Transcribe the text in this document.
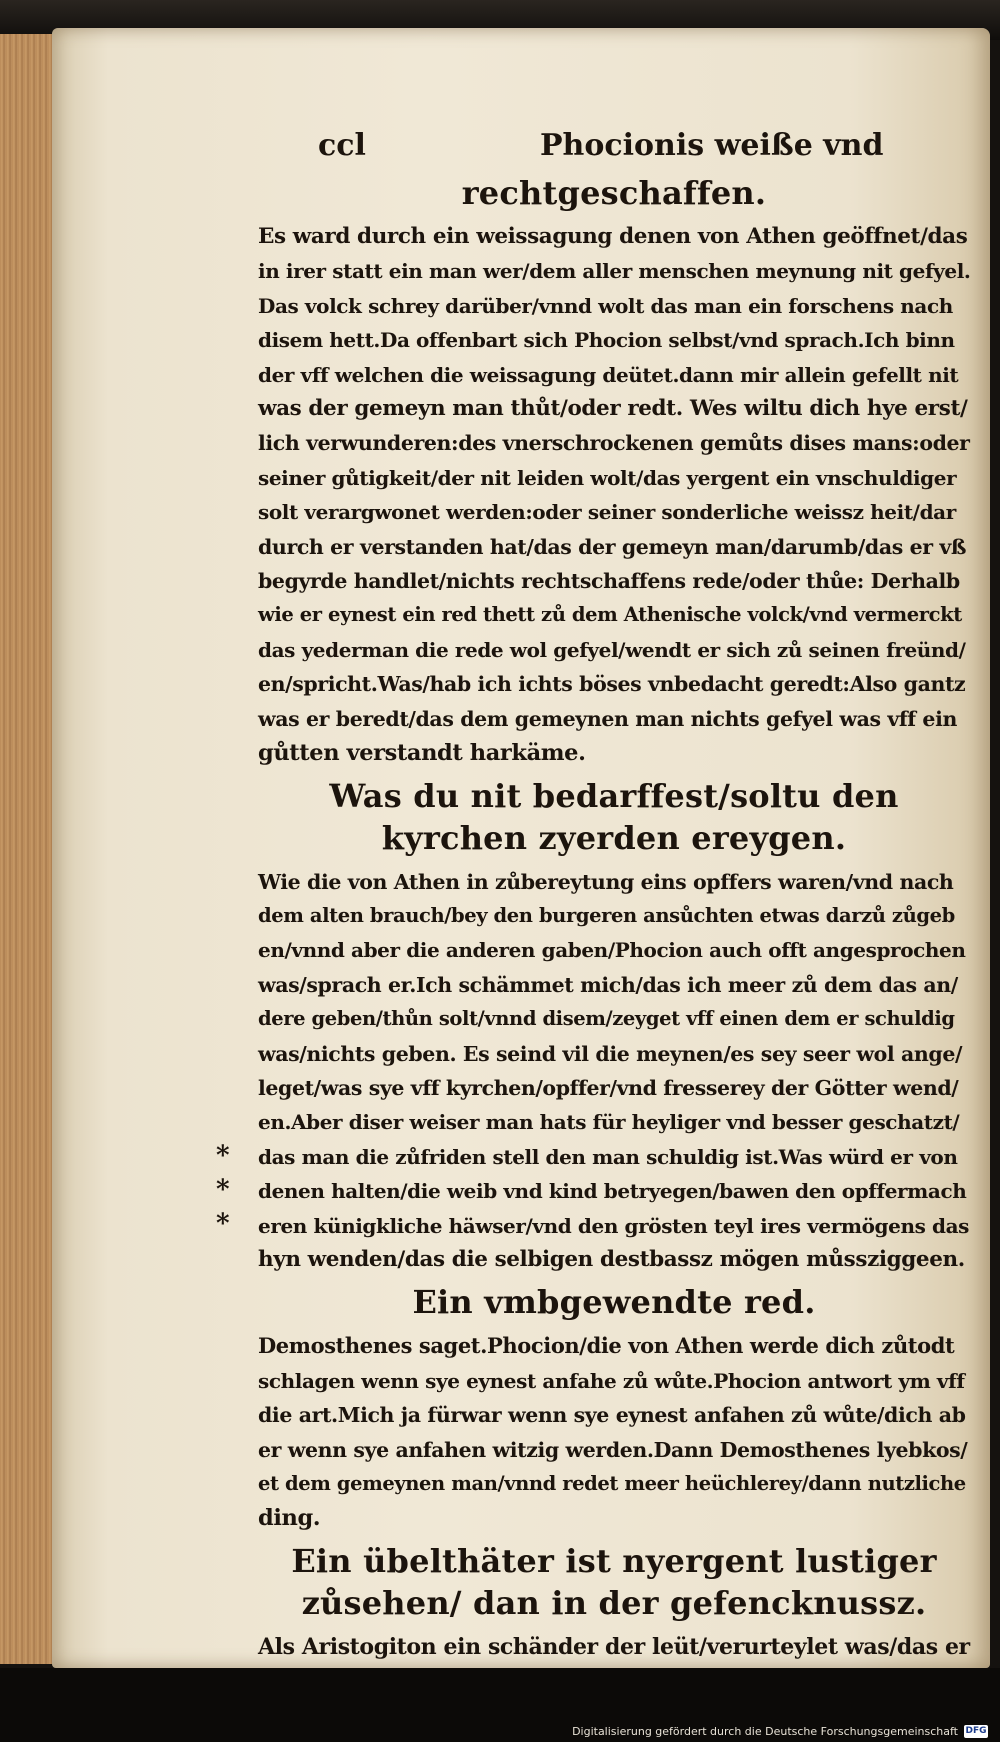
ccl	Phocionis weiße vnd
rechtgeschaffen.

Es ward durch ein weissagung denen von Athen geöffnet/das

in irer statt ein man wer/dem aller menschen meynung nit gefyel.

Das volck schrey darüber/vnnd wolt das man ein forschens nach

disem hett.Da offenbart sich Phocion selbst/vnd sprach.Ich binn

der vff welchen die weissagung deütet.dann mir allein gefellt nit

was der gemeyn man thůt/oder redt. Wes wiltu dich hye erst/

lich verwunderen:des vnerschrockenen gemůts dises mans:oder

seiner gůtigkeit/der nit leiden wolt/das yergent ein vnschuldiger

solt verargwonet werden:oder seiner sonderliche weissz heit/dar

durch er verstanden hat/das der gemeyn man/darumb/das er vß

begyrde handlet/nichts rechtschaffens rede/oder thůe: Derhalb

wie er eynest ein red thett zů dem Athenische volck/vnd vermerckt

das yederman die rede wol gefyel/wendt er sich zů seinen freünd/

en/spricht.Was/hab ich ichts böses vnbedacht geredt:Also gantz

was er beredt/das dem gemeynen man nichts gefyel was vff ein

gůtten verstandt harkäme.

Was du nit bedarffest/soltu den kyrchen zyerden ereygen.

Wie die von Athen in zůbereytung eins opffers waren/vnd nach

dem alten brauch/bey den burgeren ansůchten etwas darzů zůgeb

en/vnnd aber die anderen gaben/Phocion auch offt angesprochen

was/sprach er.Ich schämmet mich/das ich meer zů dem das an/

dere geben/thůn solt/vnnd disem/zeyget vff einen dem er schuldig

was/nichts geben. Es seind vil die meynen/es sey seer wol ange/

leget/was sye vff kyrchen/opffer/vnd fresserey der Götter wend/

en.Aber diser weiser man hats für heyliger vnd besser geschatzt/

das man die zůfriden stell den man schuldig ist.Was würd er von

denen halten/die weib vnd kind betryegen/bawen den opffermach

eren künigkliche häwser/vnd den grösten teyl ires vermögens das

hyn wenden/das die selbigen destbassz mögen můssziggeen.

*
*
*
Ein vmbgewendte red.

Demosthenes saget.Phocion/die von Athen werde dich zůtodt

schlagen wenn sye eynest anfahe zů wůte.Phocion antwort ym vff

die art.Mich ja fürwar wenn sye eynest anfahen zů wůte/dich ab

er wenn sye anfahen witzig werden.Dann Demosthenes lyebkos/

et dem gemeynen man/vnnd redet meer heüchlerey/dann nutzliche

ding.

Ein übelthäter ist nyergent lustiger zůsehen/ dan in der gefencknussz.

Als Aristogiton ein schänder der leüt/verurteylet was/das er

Digitalisierung gefördert durch die Deutsche Forschungsgemeinschaft DFG
